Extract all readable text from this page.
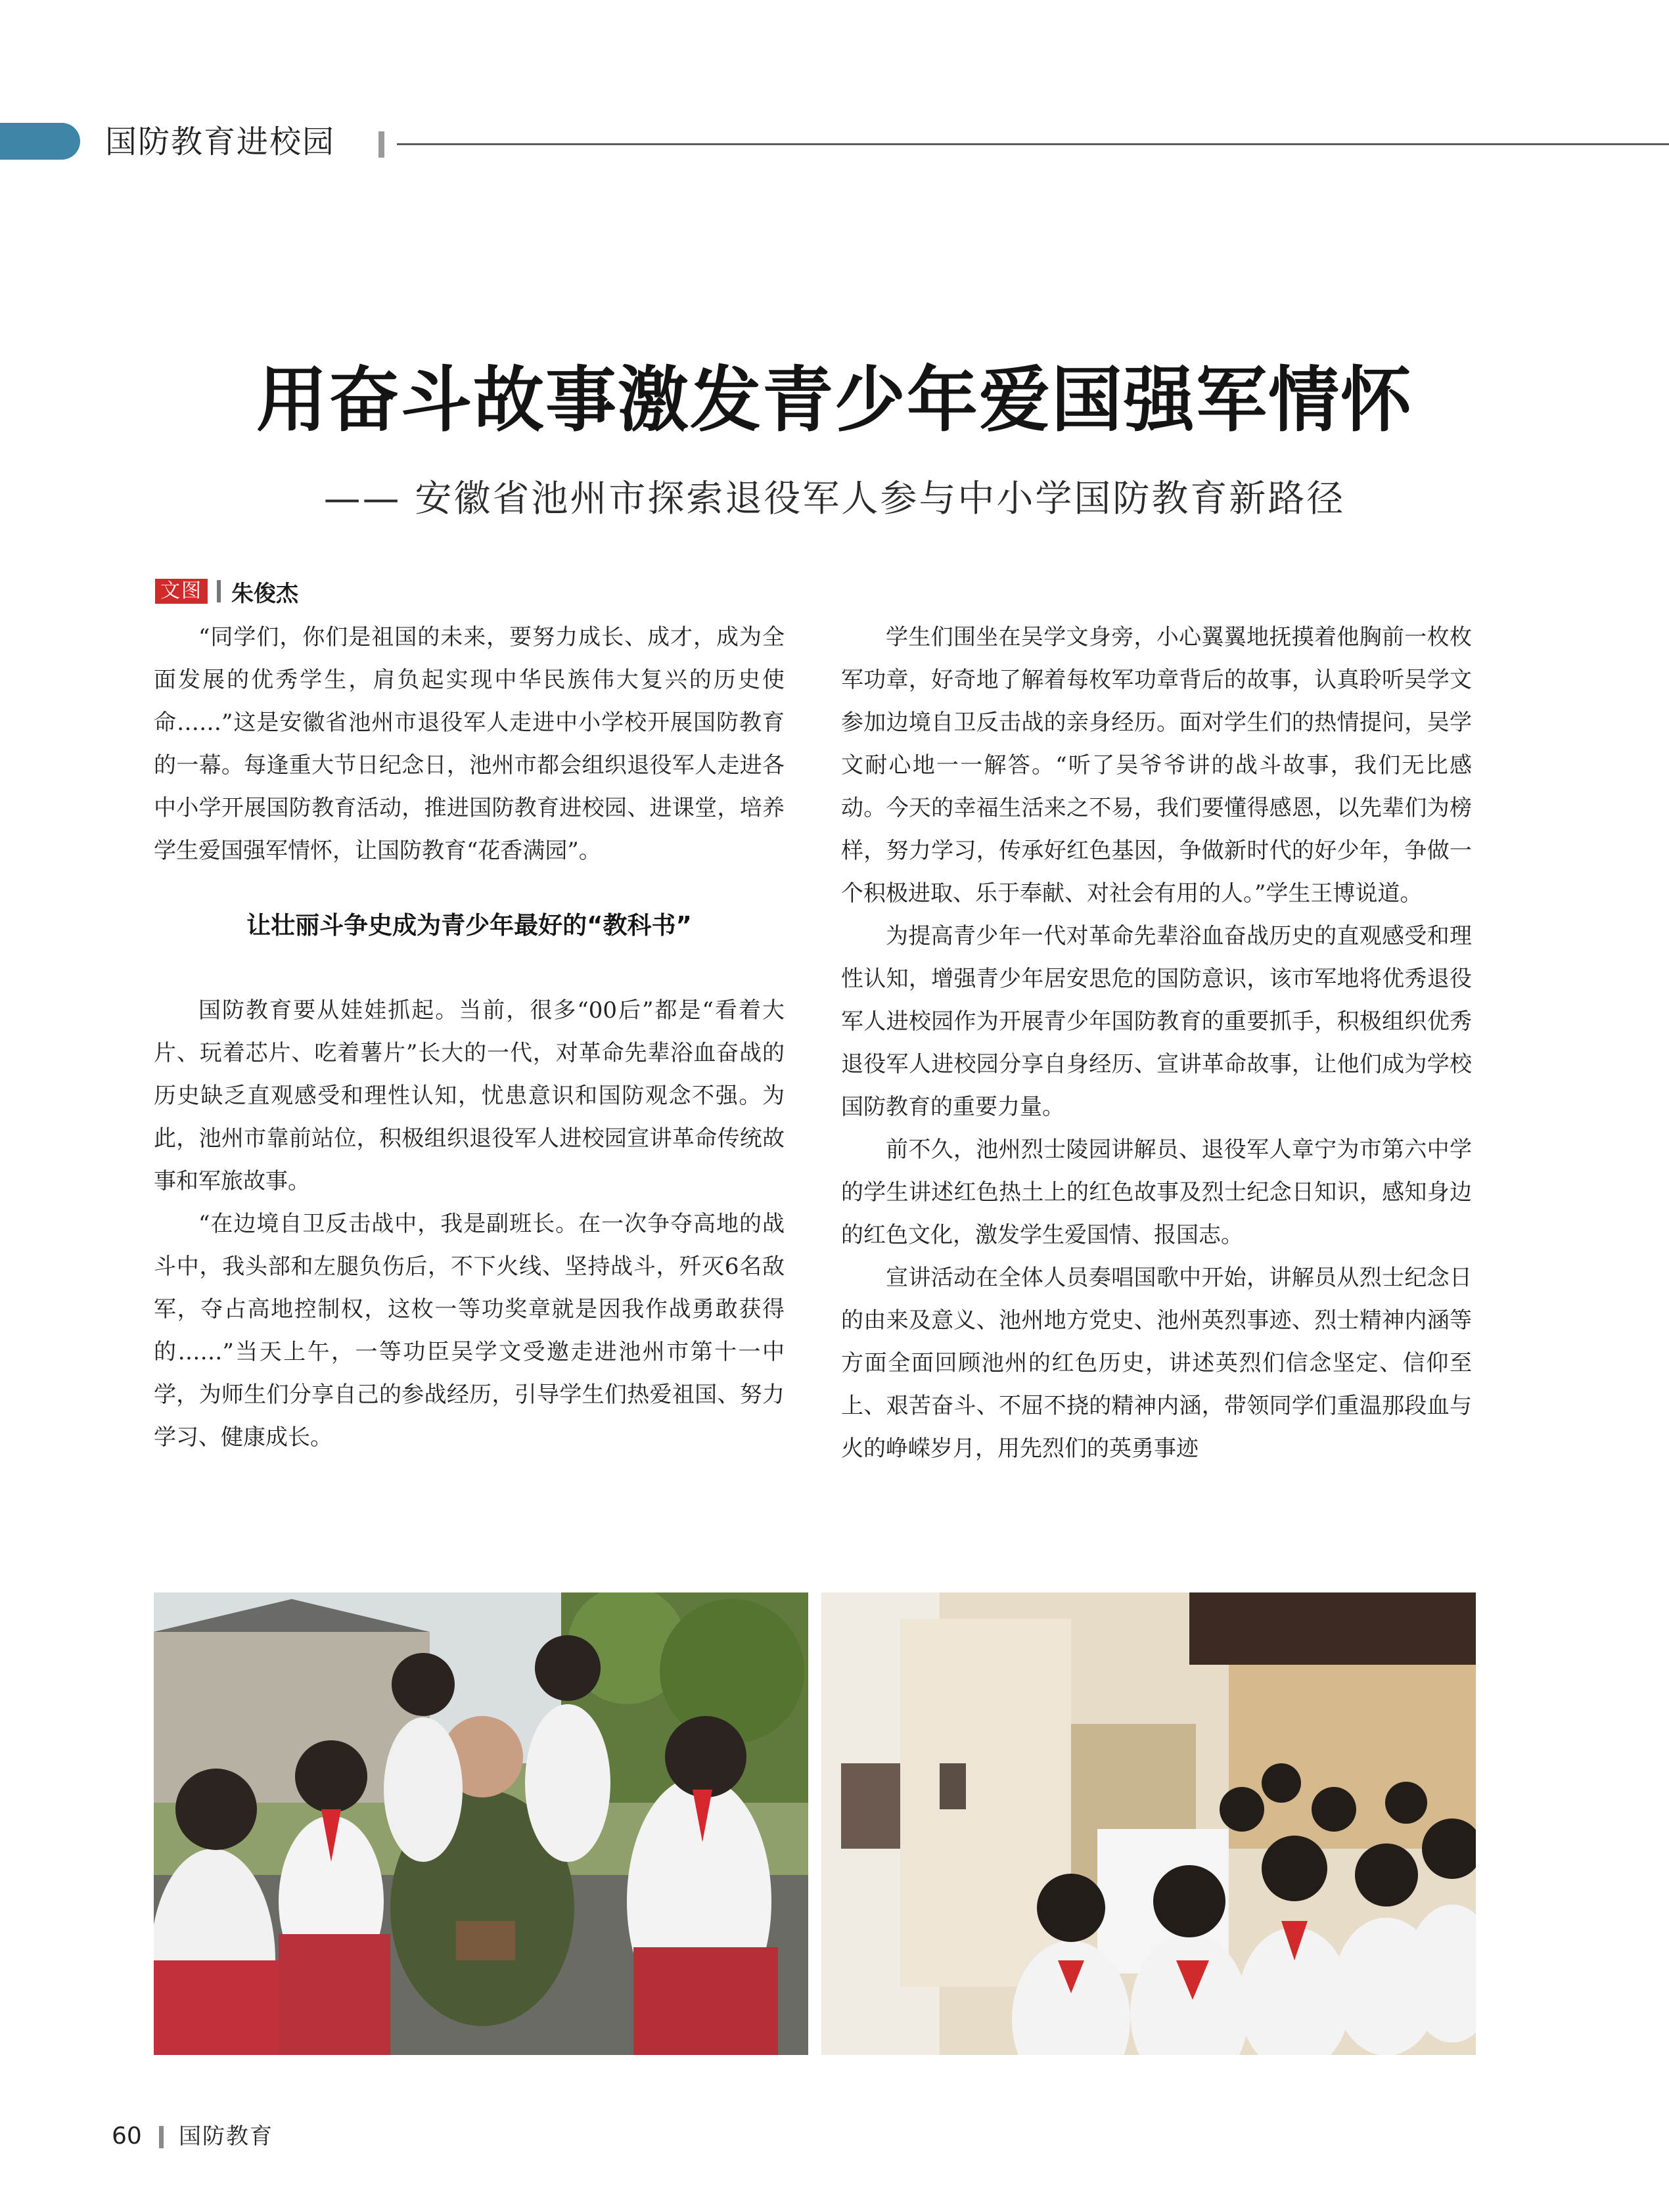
国防教育进校园
用奋斗故事激发青少年爱国强军情怀
—— 安徽省池州市探索退役军人参与中小学国防教育新路径
文图 朱俊杰

“同学们，你们是祖国的未来，要努力成长、成才，成为全面发展的优秀学生，肩负起实现中华民族伟大复兴的历史使命……”这是安徽省池州市退役军人走进中小学校开展国防教育的一幕。每逢重大节日纪念日，池州市都会组织退役军人走进各中小学开展国防教育活动，推进国防教育进校园、进课堂，培养学生爱国强军情怀，让国防教育“花香满园”。

让壮丽斗争史成为青少年最好的“教科书”

国防教育要从娃娃抓起。当前，很多“00后”都是“看着大片、玩着芯片、吃着薯片”长大的一代，对革命先辈浴血奋战的历史缺乏直观感受和理性认知，忧患意识和国防观念不强。为此，池州市靠前站位，积极组织退役军人进校园宣讲革命传统故事和军旅故事。

“在边境自卫反击战中，我是副班长。在一次争夺高地的战斗中，我头部和左腿负伤后，不下火线、坚持战斗，歼灭6名敌军，夺占高地控制权，这枚一等功奖章就是因我作战勇敢获得的……”当天上午，一等功臣吴学文受邀走进池州市第十一中学，为师生们分享自己的参战经历，引导学生们热爱祖国、努力学习、健康成长。

学生们围坐在吴学文身旁，小心翼翼地抚摸着他胸前一枚枚军功章，好奇地了解着每枚军功章背后的故事，认真聆听吴学文参加边境自卫反击战的亲身经历。面对学生们的热情提问，吴学文耐心地一一解答。“听了吴爷爷讲的战斗故事，我们无比感动。今天的幸福生活来之不易，我们要懂得感恩，以先辈们为榜样，努力学习，传承好红色基因，争做新时代的好少年，争做一个积极进取、乐于奉献、对社会有用的人。”学生王博说道。

为提高青少年一代对革命先辈浴血奋战历史的直观感受和理性认知，增强青少年居安思危的国防意识，该市军地将优秀退役军人进校园作为开展青少年国防教育的重要抓手，积极组织优秀退役军人进校园分享自身经历、宣讲革命故事，让他们成为学校国防教育的重要力量。

前不久，池州烈士陵园讲解员、退役军人章宁为市第六中学的学生讲述红色热土上的红色故事及烈士纪念日知识，感知身边的红色文化，激发学生爱国情、报国志。

宣讲活动在全体人员奏唱国歌中开始，讲解员从烈士纪念日的由来及意义、池州地方党史、池州英烈事迹、烈士精神内涵等方面全面回顾池州的红色历史，讲述英烈们信念坚定、信仰至上、艰苦奋斗、不屈不挠的精神内涵，带领同学们重温那段血与火的峥嵘岁月，用先烈们的英勇事迹

60 国防教育
